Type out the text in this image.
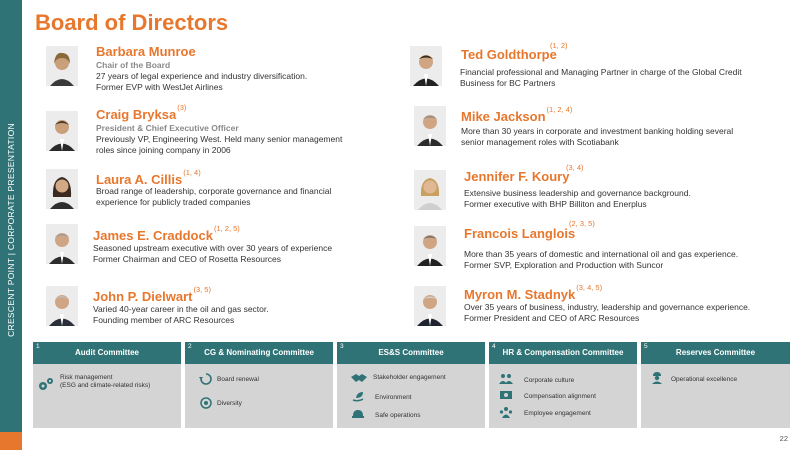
CRESCENT POINT | CORPORATE PRESENTATION
Board of Directors
Barbara Munroe
Chair of the Board
27 years of legal experience and industry diversification.
Former EVP with WestJet Airlines
Craig Bryksa$^{(3)}$
President & Chief Executive Officer
Previously VP, Engineering West. Held many senior management
roles since joining company in 2006
Laura A. Cillis$^{(1, 4)}$
Broad range of leadership, corporate governance and financial
experience for publicly traded companies
James E. Craddock$^{(1, 2, 5)}$
Seasoned upstream executive with over 30 years of experience
Former Chairman and CEO of Rosetta Resources
John P. Dielwart$^{(3, 5)}$
Varied 40-year career in the oil and gas sector.
Founding member of ARC Resources
Ted Goldthorpe
(1, 2)
Financial professional and Managing Partner in charge of the Global Credit
Business for BC Partners
Mike Jackson$^{(1, 2, 4)}$
More than 30 years in corporate and investment banking holding several
senior management roles with Scotiabank
Jennifer F. Koury
(3, 4)
Extensive business leadership and governance background.
Former executive with BHP Billiton and Enerplus
Francois Langlois
(2, 3, 5)
More than 35 years of domestic and international oil and gas experience.
Former SVP, Exploration and Production with Suncor
Myron M. Stadnyk$^{(3, 4, 5)}$
Over 35 years of business, industry, leadership and governance experience.
Former President and CEO of ARC Resources
Audit Committee
1
Risk management
(ESG and climate-related risks)
CG & Nominating Committee
2
Board renewal
Diversity
ES&S Committee
3
Stakeholder engagement
Environment
Safe operations
HR & Compensation Committee
4
Corporate culture
Compensation alignment
Employee engagement
Reserves Committee
5
Operational excellence
22
